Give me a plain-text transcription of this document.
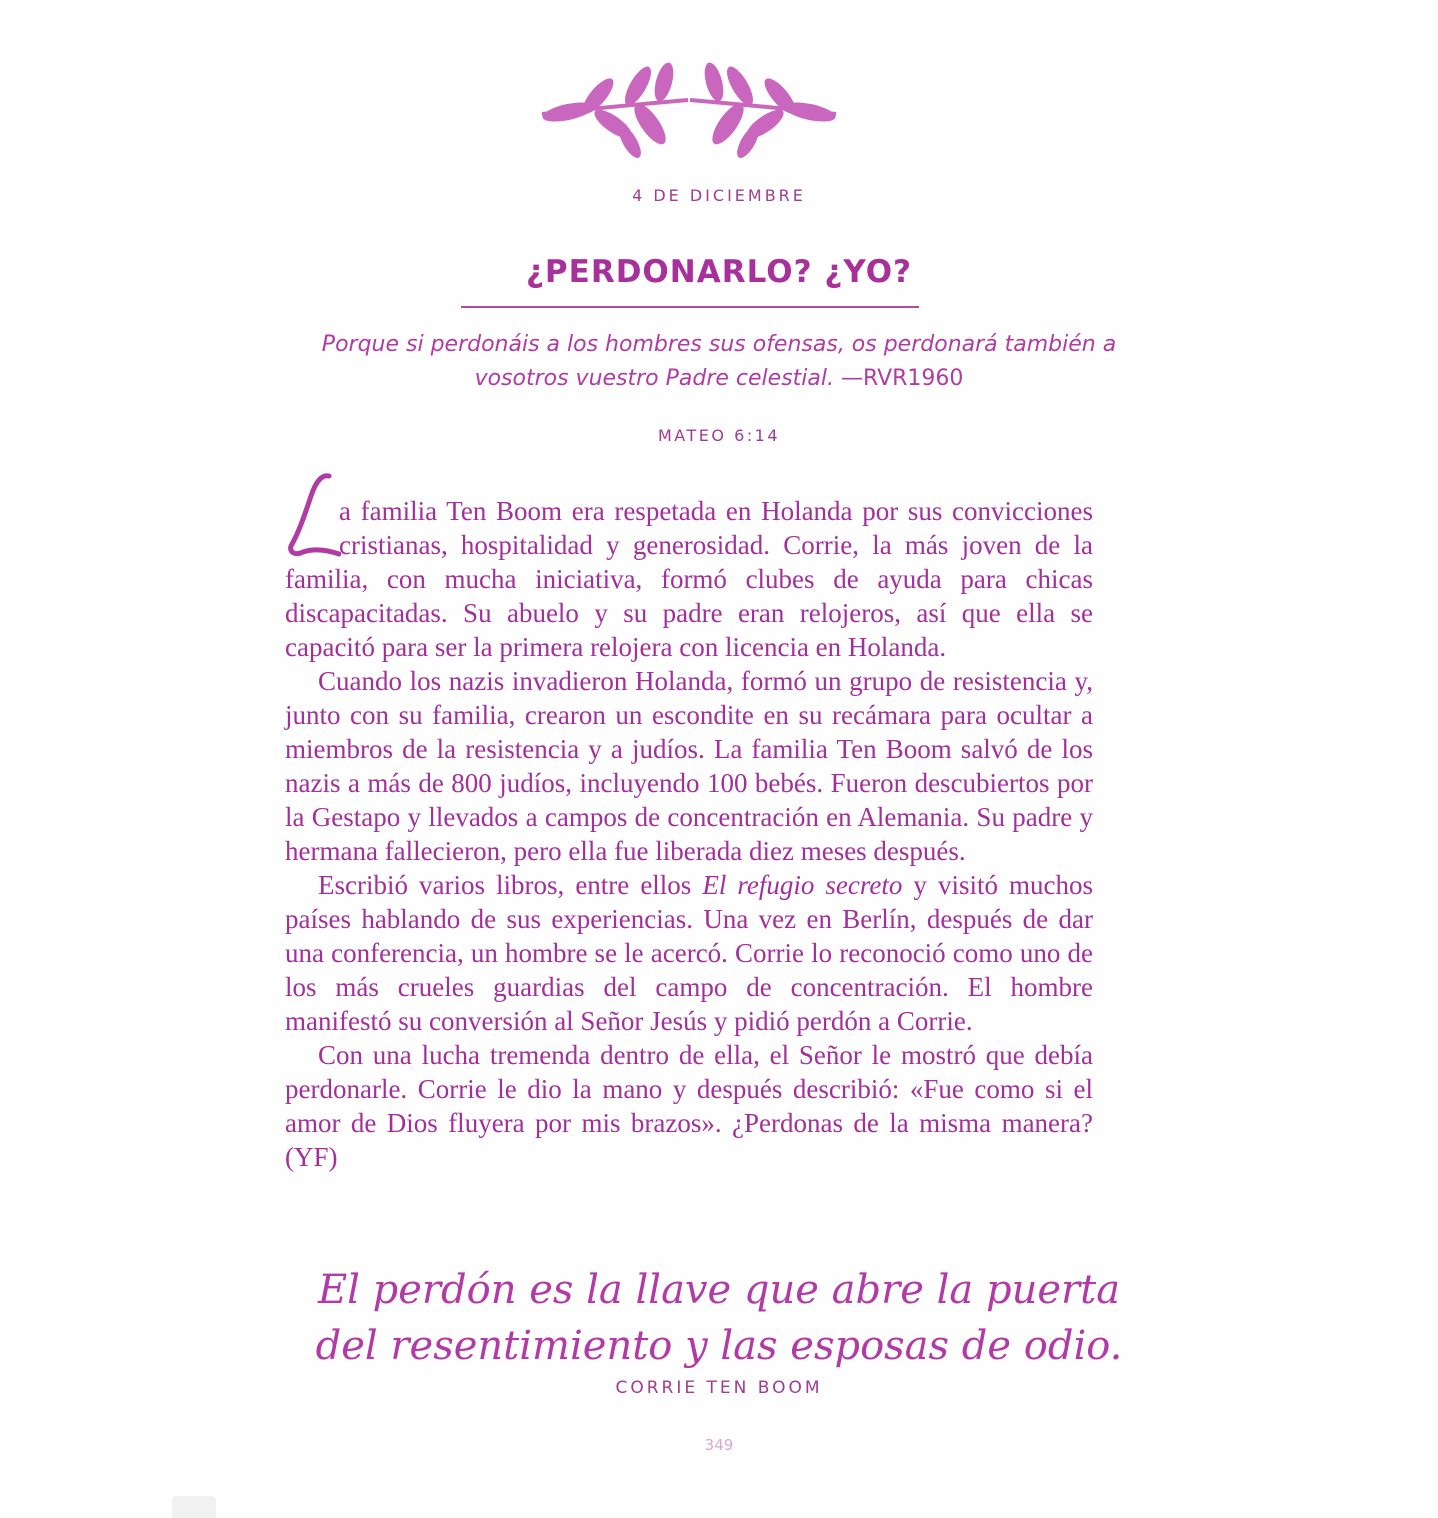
4 DE DICIEMBRE
¿PERDONARLO? ¿YO?
Porque si perdonáis a los hombres sus ofensas, os perdonará también a vosotros vuestro Padre celestial. —RVR1960
MATEO 6:14

a familia Ten Boom era respetada en Holanda por sus convicciones cristianas, hospitalidad y generosidad. Corrie, la más joven de la familia, con mucha iniciativa, formó clubes de ayuda para chicas discapacitadas. Su abuelo y su padre eran relojeros, así que ella se capacitó para ser la primera relojera con licencia en Holanda.

Cuando los nazis invadieron Holanda, formó un grupo de resistencia y, junto con su familia, crearon un escondite en su recámara para ocultar a miembros de la resistencia y a judíos. La familia Ten Boom salvó de los nazis a más de 800 judíos, incluyendo 100 bebés. Fueron descubiertos por la Gestapo y llevados a campos de concentración en Alemania. Su padre y hermana fallecieron, pero ella fue liberada diez meses después.

Escribió varios libros, entre ellos El refugio secreto y visitó muchos países hablando de sus experiencias. Una vez en Berlín, después de dar una conferencia, un hombre se le acercó. Corrie lo reconoció como uno de los más crueles guardias del campo de concentración. El hombre manifestó su conversión al Señor Jesús y pidió perdón a Corrie.

Con una lucha tremenda dentro de ella, el Señor le mostró que debía perdonarle. Corrie le dio la mano y después describió: «Fue como si el amor de Dios fluyera por mis brazos». ¿Perdonas de la misma manera? (YF)

El perdón es la llave que abre la puerta del resentimiento y las esposas de odio.
CORRIE TEN BOOM
349
